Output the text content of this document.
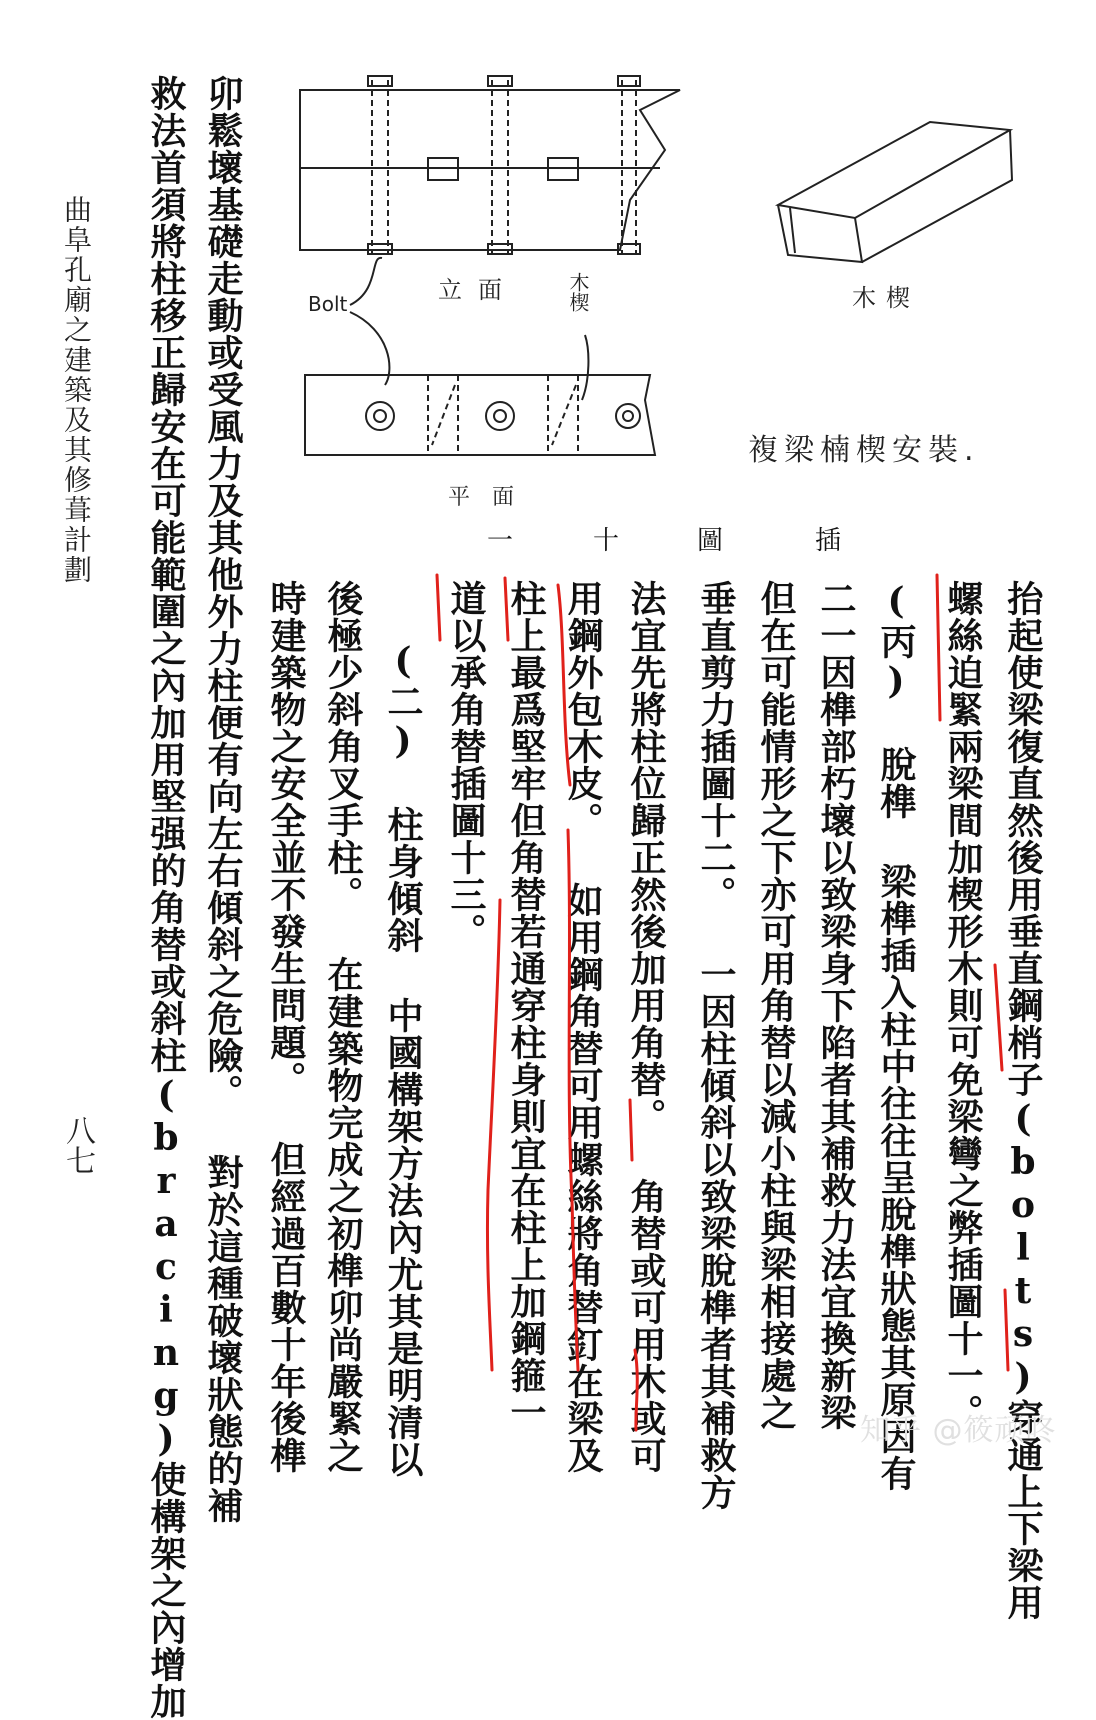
曲阜孔廟之建築及其修葺計劃
八七 救法首須將柱移正歸安在可能範圍之內加用堅强的角替或斜柱(bracing)使構架之內增加 卯鬆壞基礎走動或受風力及其他外力柱便有向左右傾斜之危險。 對於這種破壞狀態的補	立面
Bolt	木楔
平面
木楔
複梁楠楔安裝.
一	十	圖	插
時建築物之安全並不發生問題。 但經過百數十年後榫 後極少斜角叉手柱。 在建築物完成之初榫卯尚嚴緊之 (二) 柱身傾斜 中國構架方法內尤其是明清以 道以承角替插圖十三。 柱上最爲堅牢但角替若通穿柱身則宜在柱上加鋼箍一 用鋼外包木皮。 如用鋼角替可用螺絲將角替釘在梁及 法宜先將柱位歸正然後加用角替。 角替或可用木或可 垂直剪力插圖十二。 一因柱傾斜以致梁脫榫者其補救方 但在可能情形之下亦可用角替以減小柱與梁相接處之 二一因榫部朽壞以致梁身下陷者其補救力法宜換新梁 (丙) 脫榫 梁榫插入柱中往往呈脫榫狀態其原因有 螺絲迫緊兩梁間加楔形木則可免梁彎之弊插圖十一。 抬起使梁復直然後用垂直鋼梢子(bolts)穿通上下梁用
知乎 @筱顽咚
